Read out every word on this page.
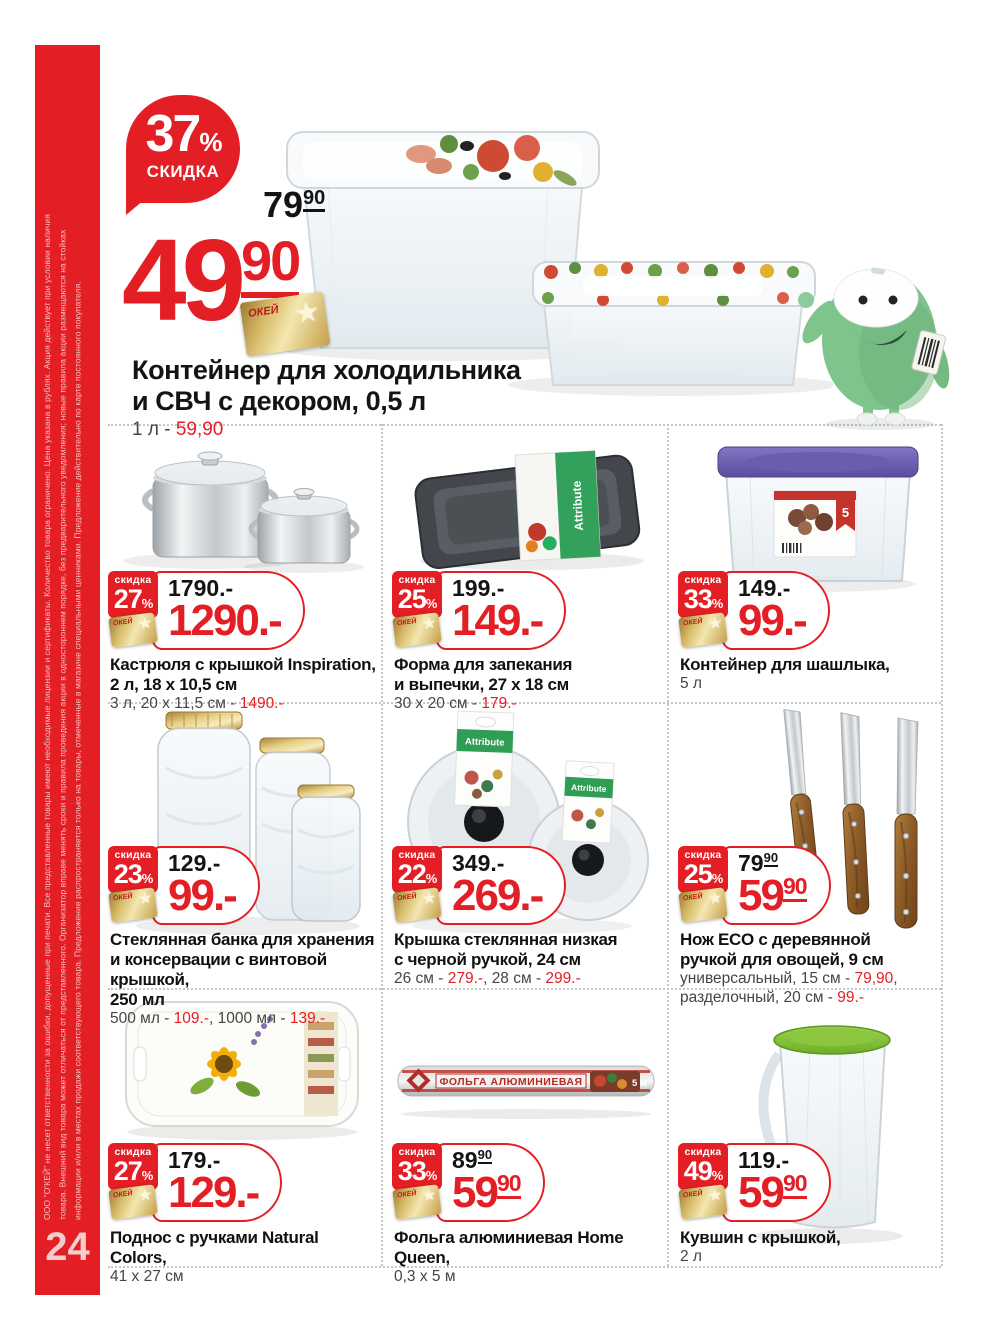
ООО "О'КЕЙ" не несет ответственности за ошибки, допущенные при печати. Все представленные товары имеют необходимые лицензии и сертификаты. Количество товара ограничено. Цена указана в рублях. Акция действует при условии наличия товара. Внешний вид товара может отличаться от представленного. Организатор вправе менять сроки и правила проведения акции в одностороннем порядке, без предварительного уведомления; новые правила акции размещаются на стойках информации и/или в местах продажи соответствующего товара. Предложение распространяется только на товары, отмеченные в магазине специальными ценниками. Предложение действительно по карте постоянного покупателя.
24
37%
СКИДКА
$79^{90}$
$49^{90}$
ОКЕЙ ★
Контейнер для холодильника
и СВЧ с декором, 0,5 л
1 л - 59,90
1790.-
1290.-
скидка
27%
ОКЕЙ ★
Кастрюля с крышкой Inspiration,
2 л, 18 х 10,5 см
3 л, 20 х 11,5 см - 1490.-
Attribute
199.-
149.-
скидка
25%
ОКЕЙ ★
Форма для запекания
и выпечки, 27 х 18 см
30 х 20 см - 179.-
5
149.-
99.-
скидка
33%
ОКЕЙ ★
Контейнер для шашлыка,
5 л
129.-
99.-
скидка
23%
ОКЕЙ ★
Стеклянная банка для хранения
и консервации с винтовой крышкой,
250 мл
500 мл - 109.-, 1000 мл - 139.-
Attribute
Attribute
349.-
269.-
скидка
22%
ОКЕЙ ★
Крышка стеклянная низкая
с черной ручкой, 24 см
26 см - 279.-, 28 см - 299.-
$79^{90}$
$59^{90}$
скидка
25%
ОКЕЙ ★
Нож ECO с деревянной
ручкой для овощей, 9 см
универсальный, 15 см - 79,90,
разделочный, 20 см - 99.-
179.-
129.-
скидка
27%
ОКЕЙ ★
Поднос с ручками Natural Colors,
41 х 27 см
ФОЛЬГА АЛЮМИНИЕВАЯ	5 м
$89^{90}$
$59^{90}$
скидка
33%
ОКЕЙ ★
Фольга алюминиевая Home Queen,
0,3 х 5 м
119.-
$59^{90}$
скидка
49%
ОКЕЙ ★
Кувшин с крышкой,
2 л
